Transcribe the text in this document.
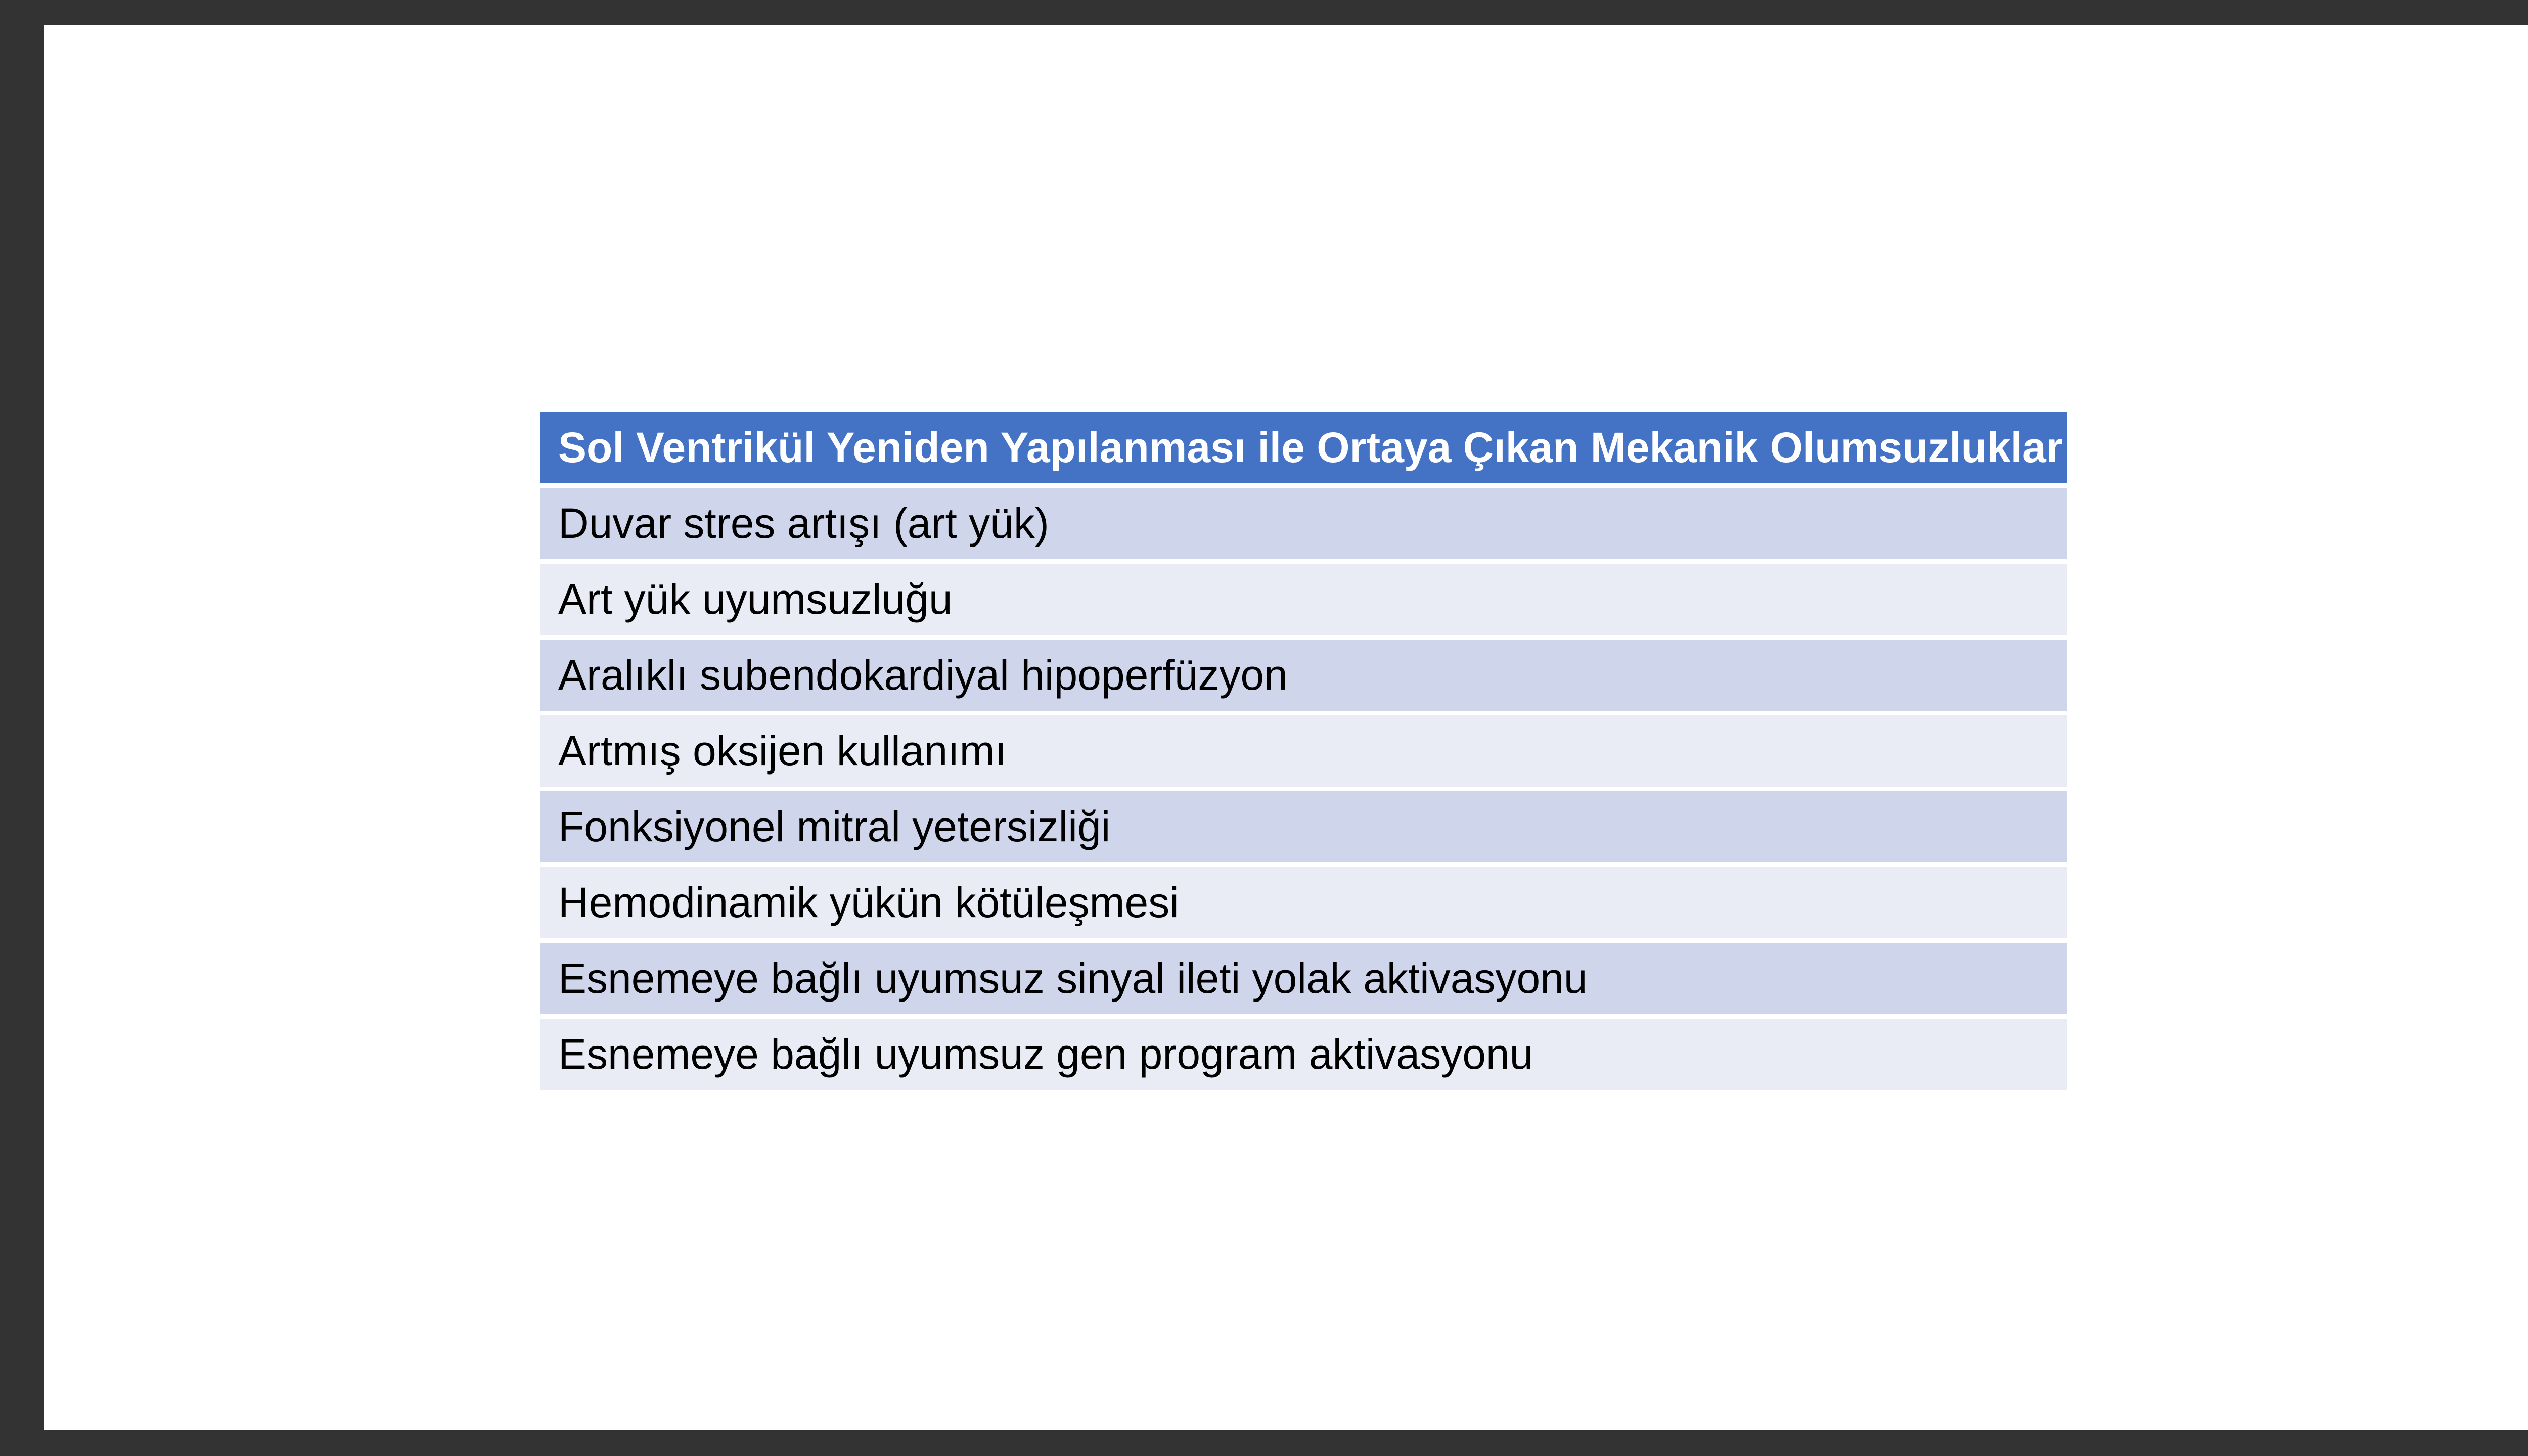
Sol Ventrikül Yeniden Yapılanması ile Ortaya Çıkan Mekanik Olumsuzluklar
Duvar stres artışı (art yük)
Art yük uyumsuzluğu
Aralıklı subendokardiyal hipoperfüzyon
Artmış oksijen kullanımı
Fonksiyonel mitral yetersizliği
Hemodinamik yükün kötüleşmesi
Esnemeye bağlı uyumsuz sinyal ileti yolak aktivasyonu
Esnemeye bağlı uyumsuz gen program aktivasyonu
